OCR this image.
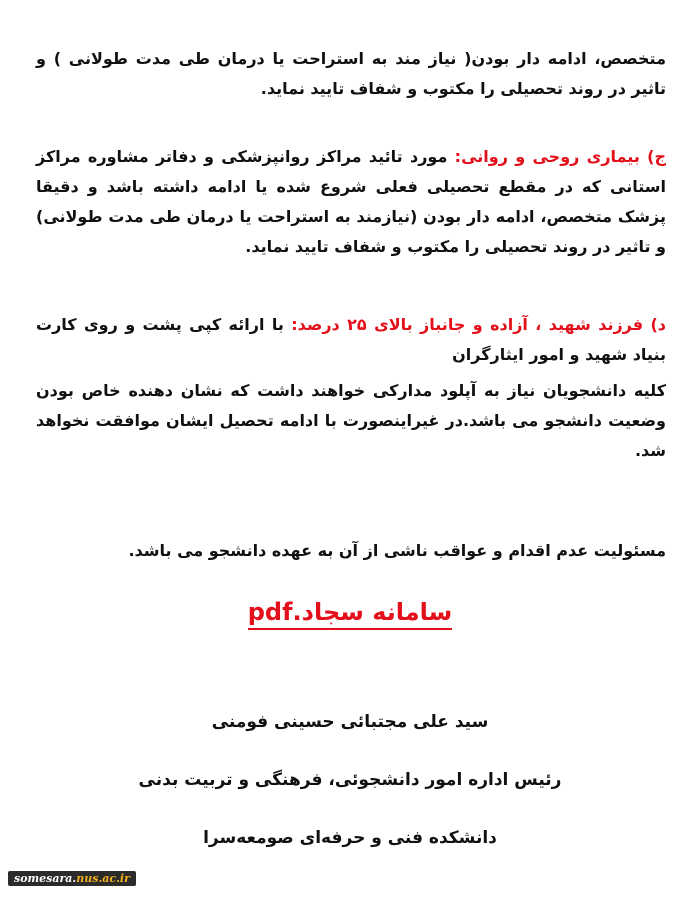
متخصص، ادامه دار بودن( نیاز مند به استراحت یا درمان طی مدت طولانی ) و تاثیر در روند تحصیلی را مکتوب و شفاف تایید نماید.

ج) بیماری روحی و روانی: مورد تائید مراکز روانپزشکی و دفاتر مشاوره مراکز استانی که در مقطع تحصیلی فعلی شروع شده یا ادامه داشته باشد و دقیقا پزشک متخصص، ادامه دار بودن (نیازمند به استراحت یا درمان طی مدت طولانی) و تاثیر در روند تحصیلی را مکتوب و شفاف تایید نماید.

د) فرزند شهید ، آزاده و جانباز بالای ۲۵ درصد: با ارائه کپی پشت و روی کارت بنیاد شهید و امور ایثارگران

کلیه دانشجویان نیاز به آپلود مدارکی خواهند داشت که نشان دهنده خاص بودن وضعیت دانشجو می باشد.در غیراینصورت با ادامه تحصیل ایشان موافقت نخواهد شد.

مسئولیت عدم اقدام و عواقب ناشی از آن به عهده دانشجو می باشد.

سامانه سجاد.pdf

سید علی مجتبائی حسینی فومنی

رئیس اداره امور دانشجوئی، فرهنگی و تربیت بدنی

دانشکده فنی و حرفه‌ای صومعه‌سرا

somesara.nus.ac.ir
